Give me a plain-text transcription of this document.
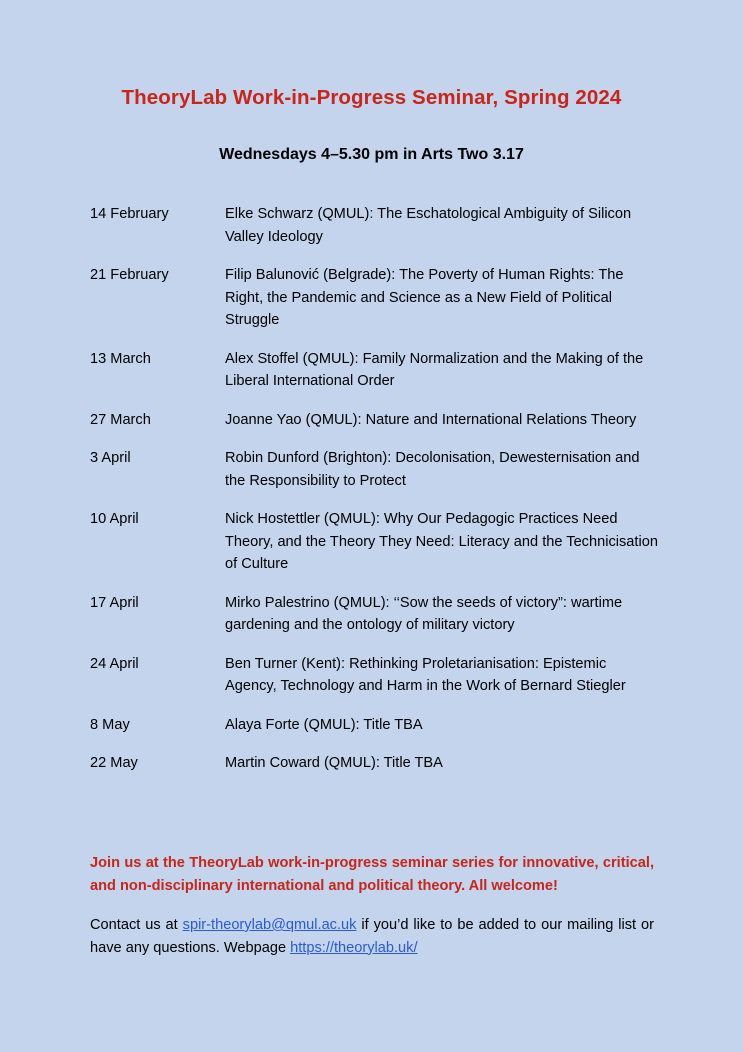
TheoryLab Work-in-Progress Seminar, Spring 2024
Wednesdays 4–5.30 pm in Arts Two 3.17
14 February	Elke Schwarz (QMUL): The Eschatological Ambiguity of Silicon Valley Ideology
21 February	Filip Balunović (Belgrade): The Poverty of Human Rights: The Right, the Pandemic and Science as a New Field of Political Struggle
13 March	Alex Stoffel (QMUL): Family Normalization and the Making of the Liberal International Order
27 March	Joanne Yao (QMUL): Nature and International Relations Theory
3 April	Robin Dunford (Brighton): Decolonisation, Dewesternisation and the Responsibility to Protect
10 April	Nick Hostettler (QMUL): Why Our Pedagogic Practices Need Theory, and the Theory They Need: Literacy and the Technicisation of Culture
17 April	Mirko Palestrino (QMUL): ‘‘Sow the seeds of victory”: wartime gardening and the ontology of military victory
24 April	Ben Turner (Kent): Rethinking Proletarianisation: Epistemic Agency, Technology and Harm in the Work of Bernard Stiegler
8 May	Alaya Forte (QMUL): Title TBA
22 May	Martin Coward (QMUL): Title TBA
Join us at the TheoryLab work-in-progress seminar series for innovative, critical, and non-disciplinary international and political theory. All welcome!
Contact us at spir-theorylab@qmul.ac.uk if you’d like to be added to our mailing list or have any questions. Webpage https://theorylab.uk/
